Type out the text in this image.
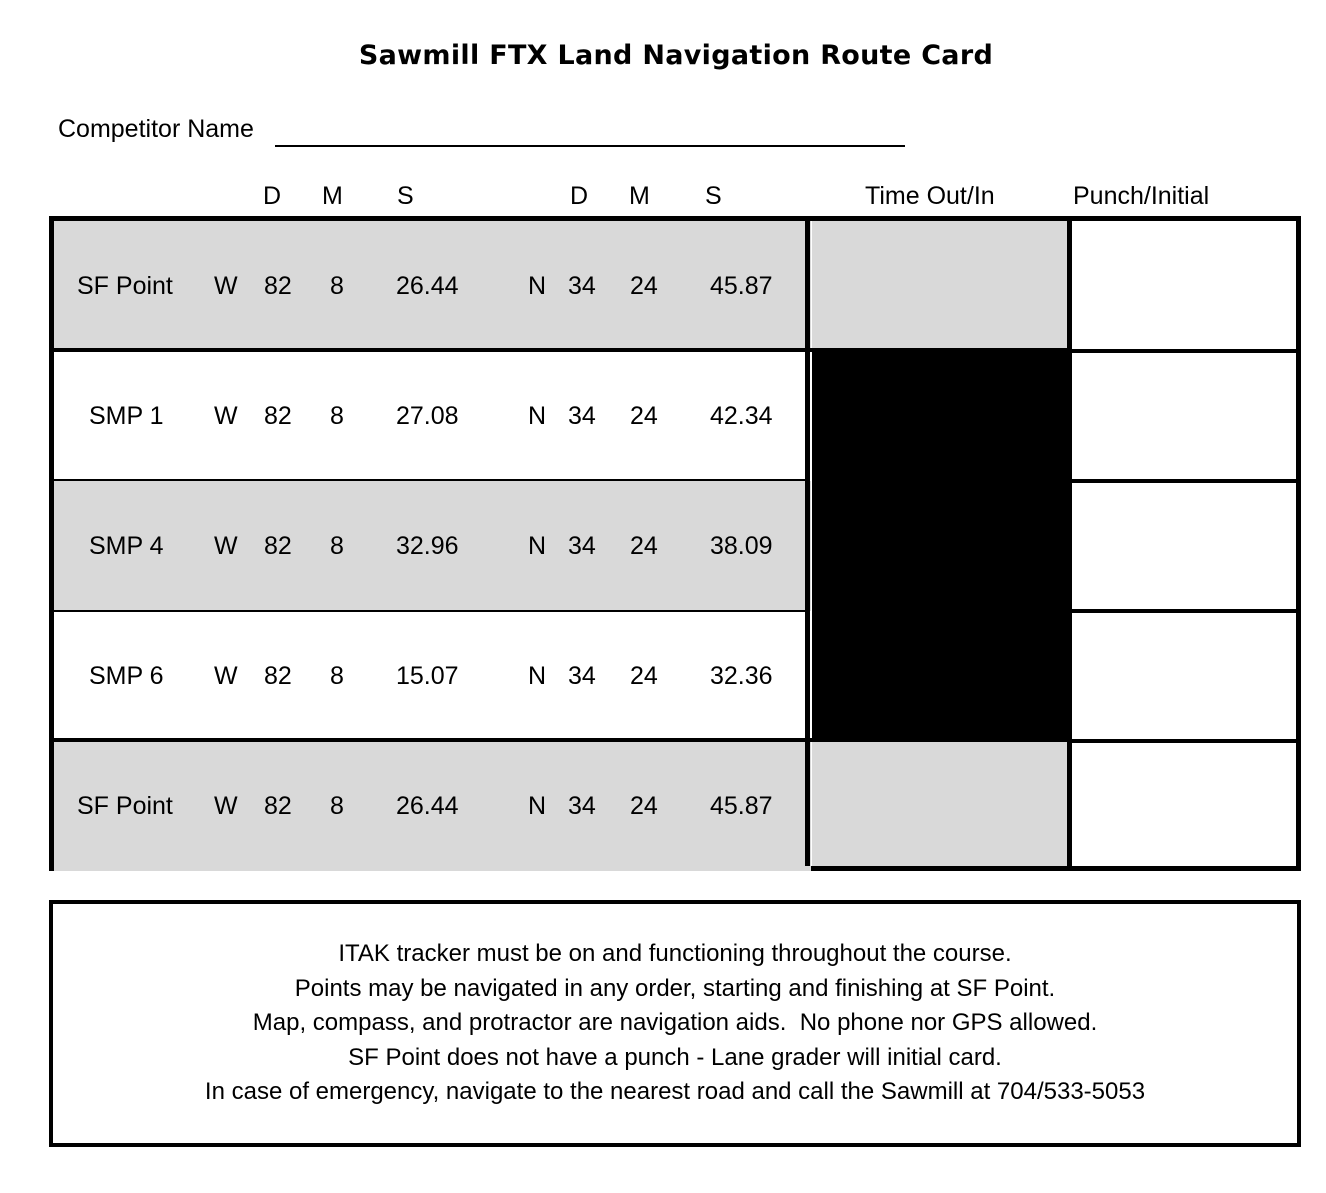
Sawmill FTX Land Navigation Route Card
Competitor Name
D M S	D M S	Time Out/In	Punch/Initial
SF Point W 82 8 26.44	N 34 24 45.87
SMP 1 W 82 8 27.08	N 34 24 42.34
SMP 4 W 82 8 32.96	N 34 24 38.09
SMP 6 W 82 8 15.07	N 34 24 32.36
SF Point W 82 8 26.44	N 34 24 45.87
ITAK tracker must be on and functioning throughout the course.
Points may be navigated in any order, starting and finishing at SF Point.
Map, compass, and protractor are navigation aids.  No phone nor GPS allowed.
SF Point does not have a punch - Lane grader will initial card.
In case of emergency, navigate to the nearest road and call the Sawmill at 704/533-5053
